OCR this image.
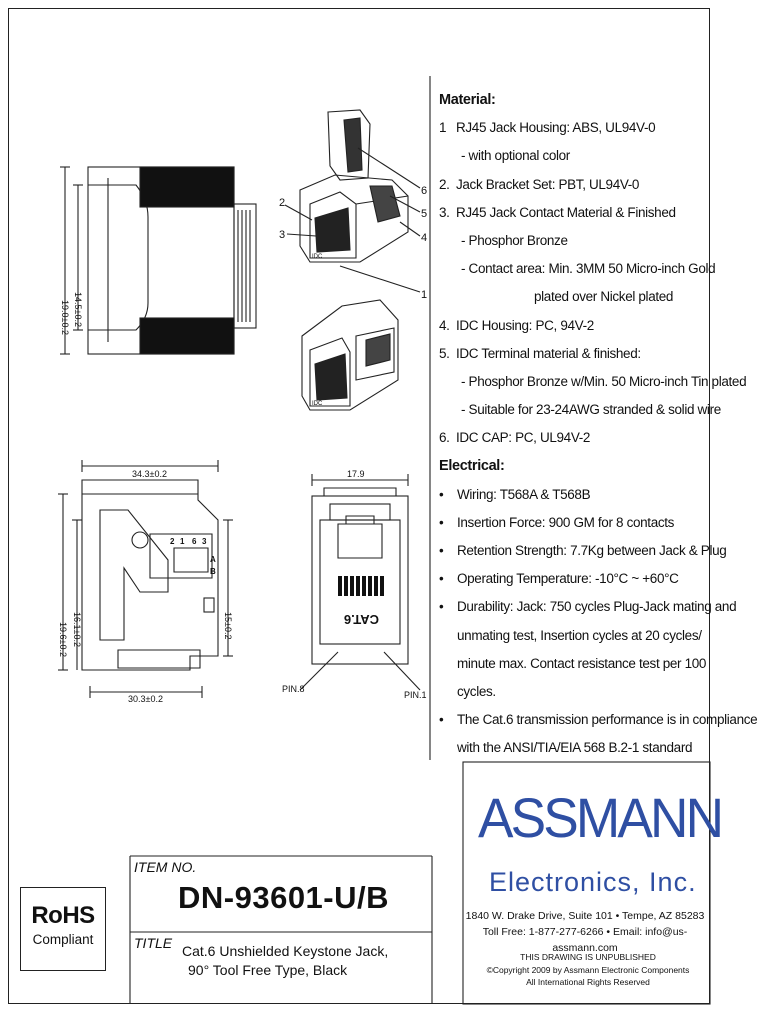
19.0±0.2 14.5±0.2
34.3±0.2	17.9
19.6±0.2 16.1±0.2	15±0.2
30.3±0.2
PIN.8
PIN.1
CAT.6
IDC
IDC
2
3
6
5
4
1
2 1 6 3
A
B
Material:
1 RJ45 Jack Housing: ABS, UL94V-0
- with optional color
2. Jack Bracket Set: PBT, UL94V-0
3. RJ45 Jack Contact Material & Finished
- Phosphor Bronze
- Contact area: Min. 3MM 50 Micro-inch Gold
plated over Nickel plated
4. IDC Housing: PC, 94V-2
5. IDC Terminal material & finished:
- Phosphor Bronze w/Min. 50 Micro-inch Tin plated
- Suitable for 23-24AWG stranded & solid wire
6. IDC CAP: PC, UL94V-2
Electrical:
• Wiring: T568A & T568B
• Insertion Force: 900 GM for 8 contacts
• Retention Strength: 7.7Kg between Jack & Plug
• Operating Temperature: -10°C ~ +60°C
• Durability: Jack: 750 cycles Plug-Jack mating and
unmating test, Insertion cycles at 20 cycles/
minute max. Contact resistance test per 100
cycles.
• The Cat.6 transmission performance is in compliance
with the ANSI/TIA/EIA 568 B.2-1 standard
RoHS
Compliant
ITEM NO.
DN-93601-U/B
TITLE Cat.6 Unshielded Keystone Jack,
90° Tool Free Type, Black
ASSMANN
Electronics, Inc.
1840 W. Drake Drive, Suite 101 • Tempe, AZ 85283
Toll Free: 1-877-277-6266 • Email: info@us-assmann.com
THIS DRAWING IS UNPUBLISHED
©Copyright 2009 by Assmann Electronic Components
All International Rights Reserved
